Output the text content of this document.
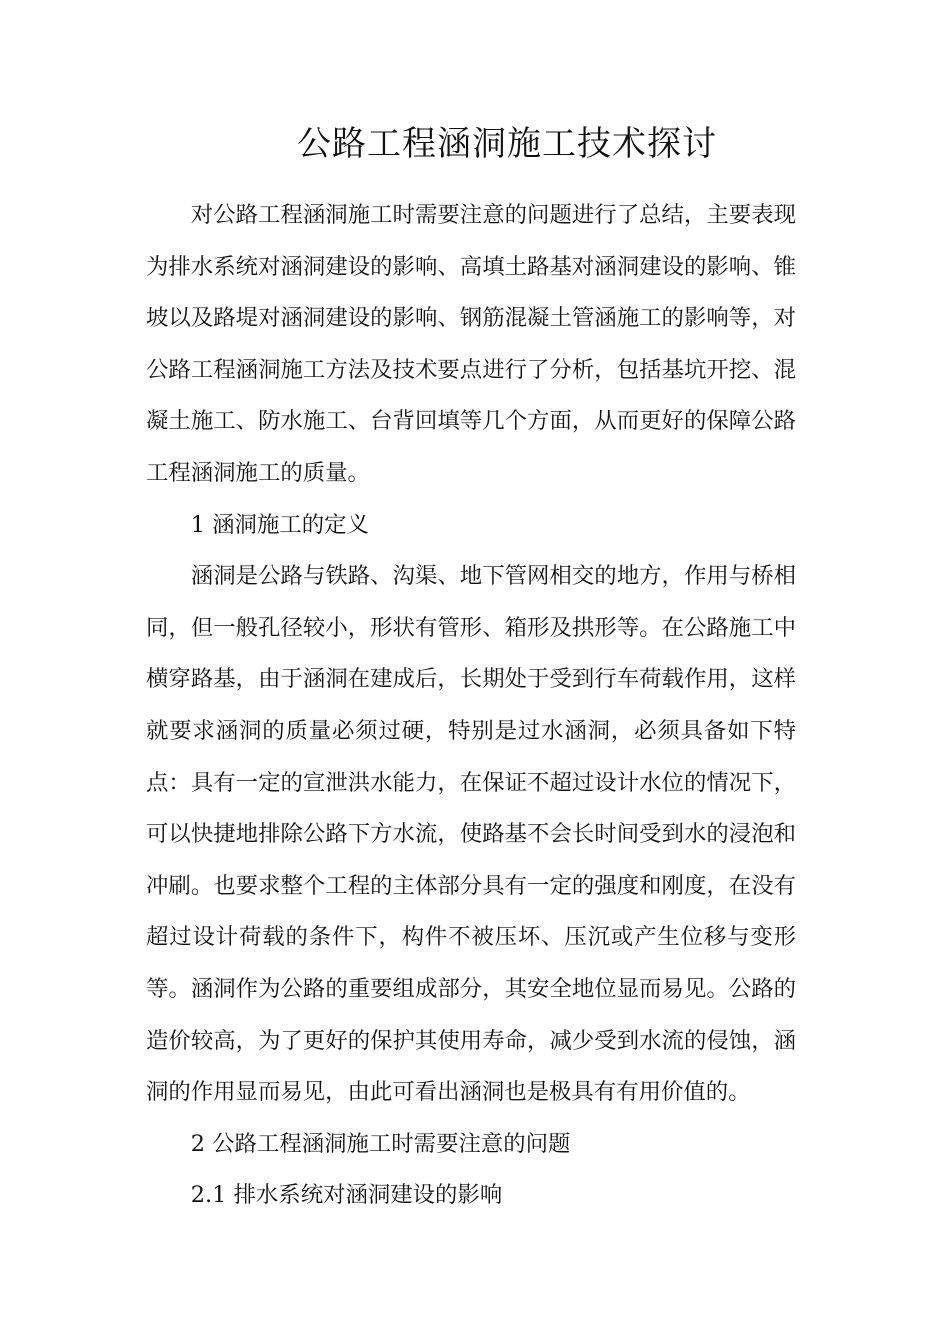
公路工程涵洞施工技术探讨

对公路工程涵洞施工时需要注意的问题进行了总结，主要表现为排水系统对涵洞建设的影响、高填土路基对涵洞建设的影响、锥坡以及路堤对涵洞建设的影响、钢筋混凝土管涵施工的影响等，对公路工程涵洞施工方法及技术要点进行了分析，包括基坑开挖、混凝土施工、防水施工、台背回填等几个方面，从而更好的保障公路工程涵洞施工的质量。

1 涵洞施工的定义

涵洞是公路与铁路、沟渠、地下管网相交的地方，作用与桥相同，但一般孔径较小，形状有管形、箱形及拱形等。在公路施工中横穿路基，由于涵洞在建成后，长期处于受到行车荷载作用，这样就要求涵洞的质量必须过硬，特别是过水涵洞，必须具备如下特点：具有一定的宣泄洪水能力，在保证不超过设计水位的情况下，可以快捷地排除公路下方水流，使路基不会长时间受到水的浸泡和冲刷。也要求整个工程的主体部分具有一定的强度和刚度，在没有超过设计荷载的条件下，构件不被压坏、压沉或产生位移与变形等。涵洞作为公路的重要组成部分，其安全地位显而易见。公路的造价较高，为了更好的保护其使用寿命，减少受到水流的侵蚀，涵洞的作用显而易见，由此可看出涵洞也是极具有有用价值的。

2 公路工程涵洞施工时需要注意的问题

2.1 排水系统对涵洞建设的影响
